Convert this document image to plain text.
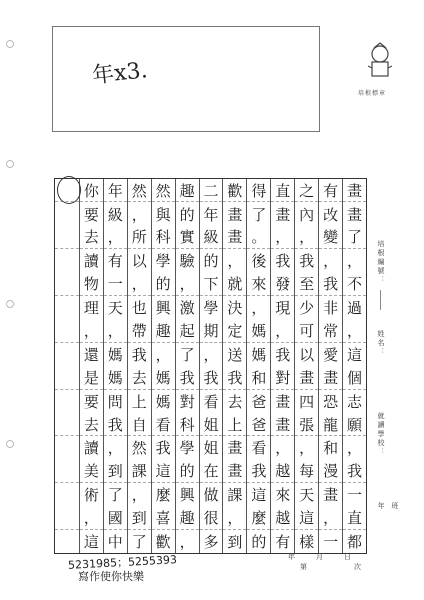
年x3.
培根標章
你
要
去
讀
物
理
，
還
是
要
去
讀
美
術
，
這
年
級
，
有
一
天
，
媽
媽
問
我
，
到
了
國
中
然
，
所
以
，
也
帶
我
去
上
自
然
課
，
到
了
然
與
科
學
的
興
趣
，
媽
媽
看
我
這
麼
喜
歡
趣
的
實
驗
，
激
起
了
我
對
科
學
的
興
趣
，
二
年
級
的
下
學
期
，
我
看
姐
姐
在
做
很
多
歡
畫
畫
，
就
決
定
送
我
去
上
畫
畫
課
，
到
得
了
。
後
來
，
媽
媽
和
爸
爸
看
我
這
麼
的
直
畫
，
我
發
現
，
我
對
畫
畫
，
越
來
越
有
之
內
，
我
至
少
可
以
畫
四
張
，
每
天
這
樣
有
改
變
，
我
非
常
愛
畫
恐
龍
和
漫
畫
，
一
畫
畫
了
，
不
過
，
這
個
志
願
，
我
一
直
都
培根編號：
姓名：
就讀學校：
年 班
年	月	日
第	次
5231985；5255393
寫作使你快樂
